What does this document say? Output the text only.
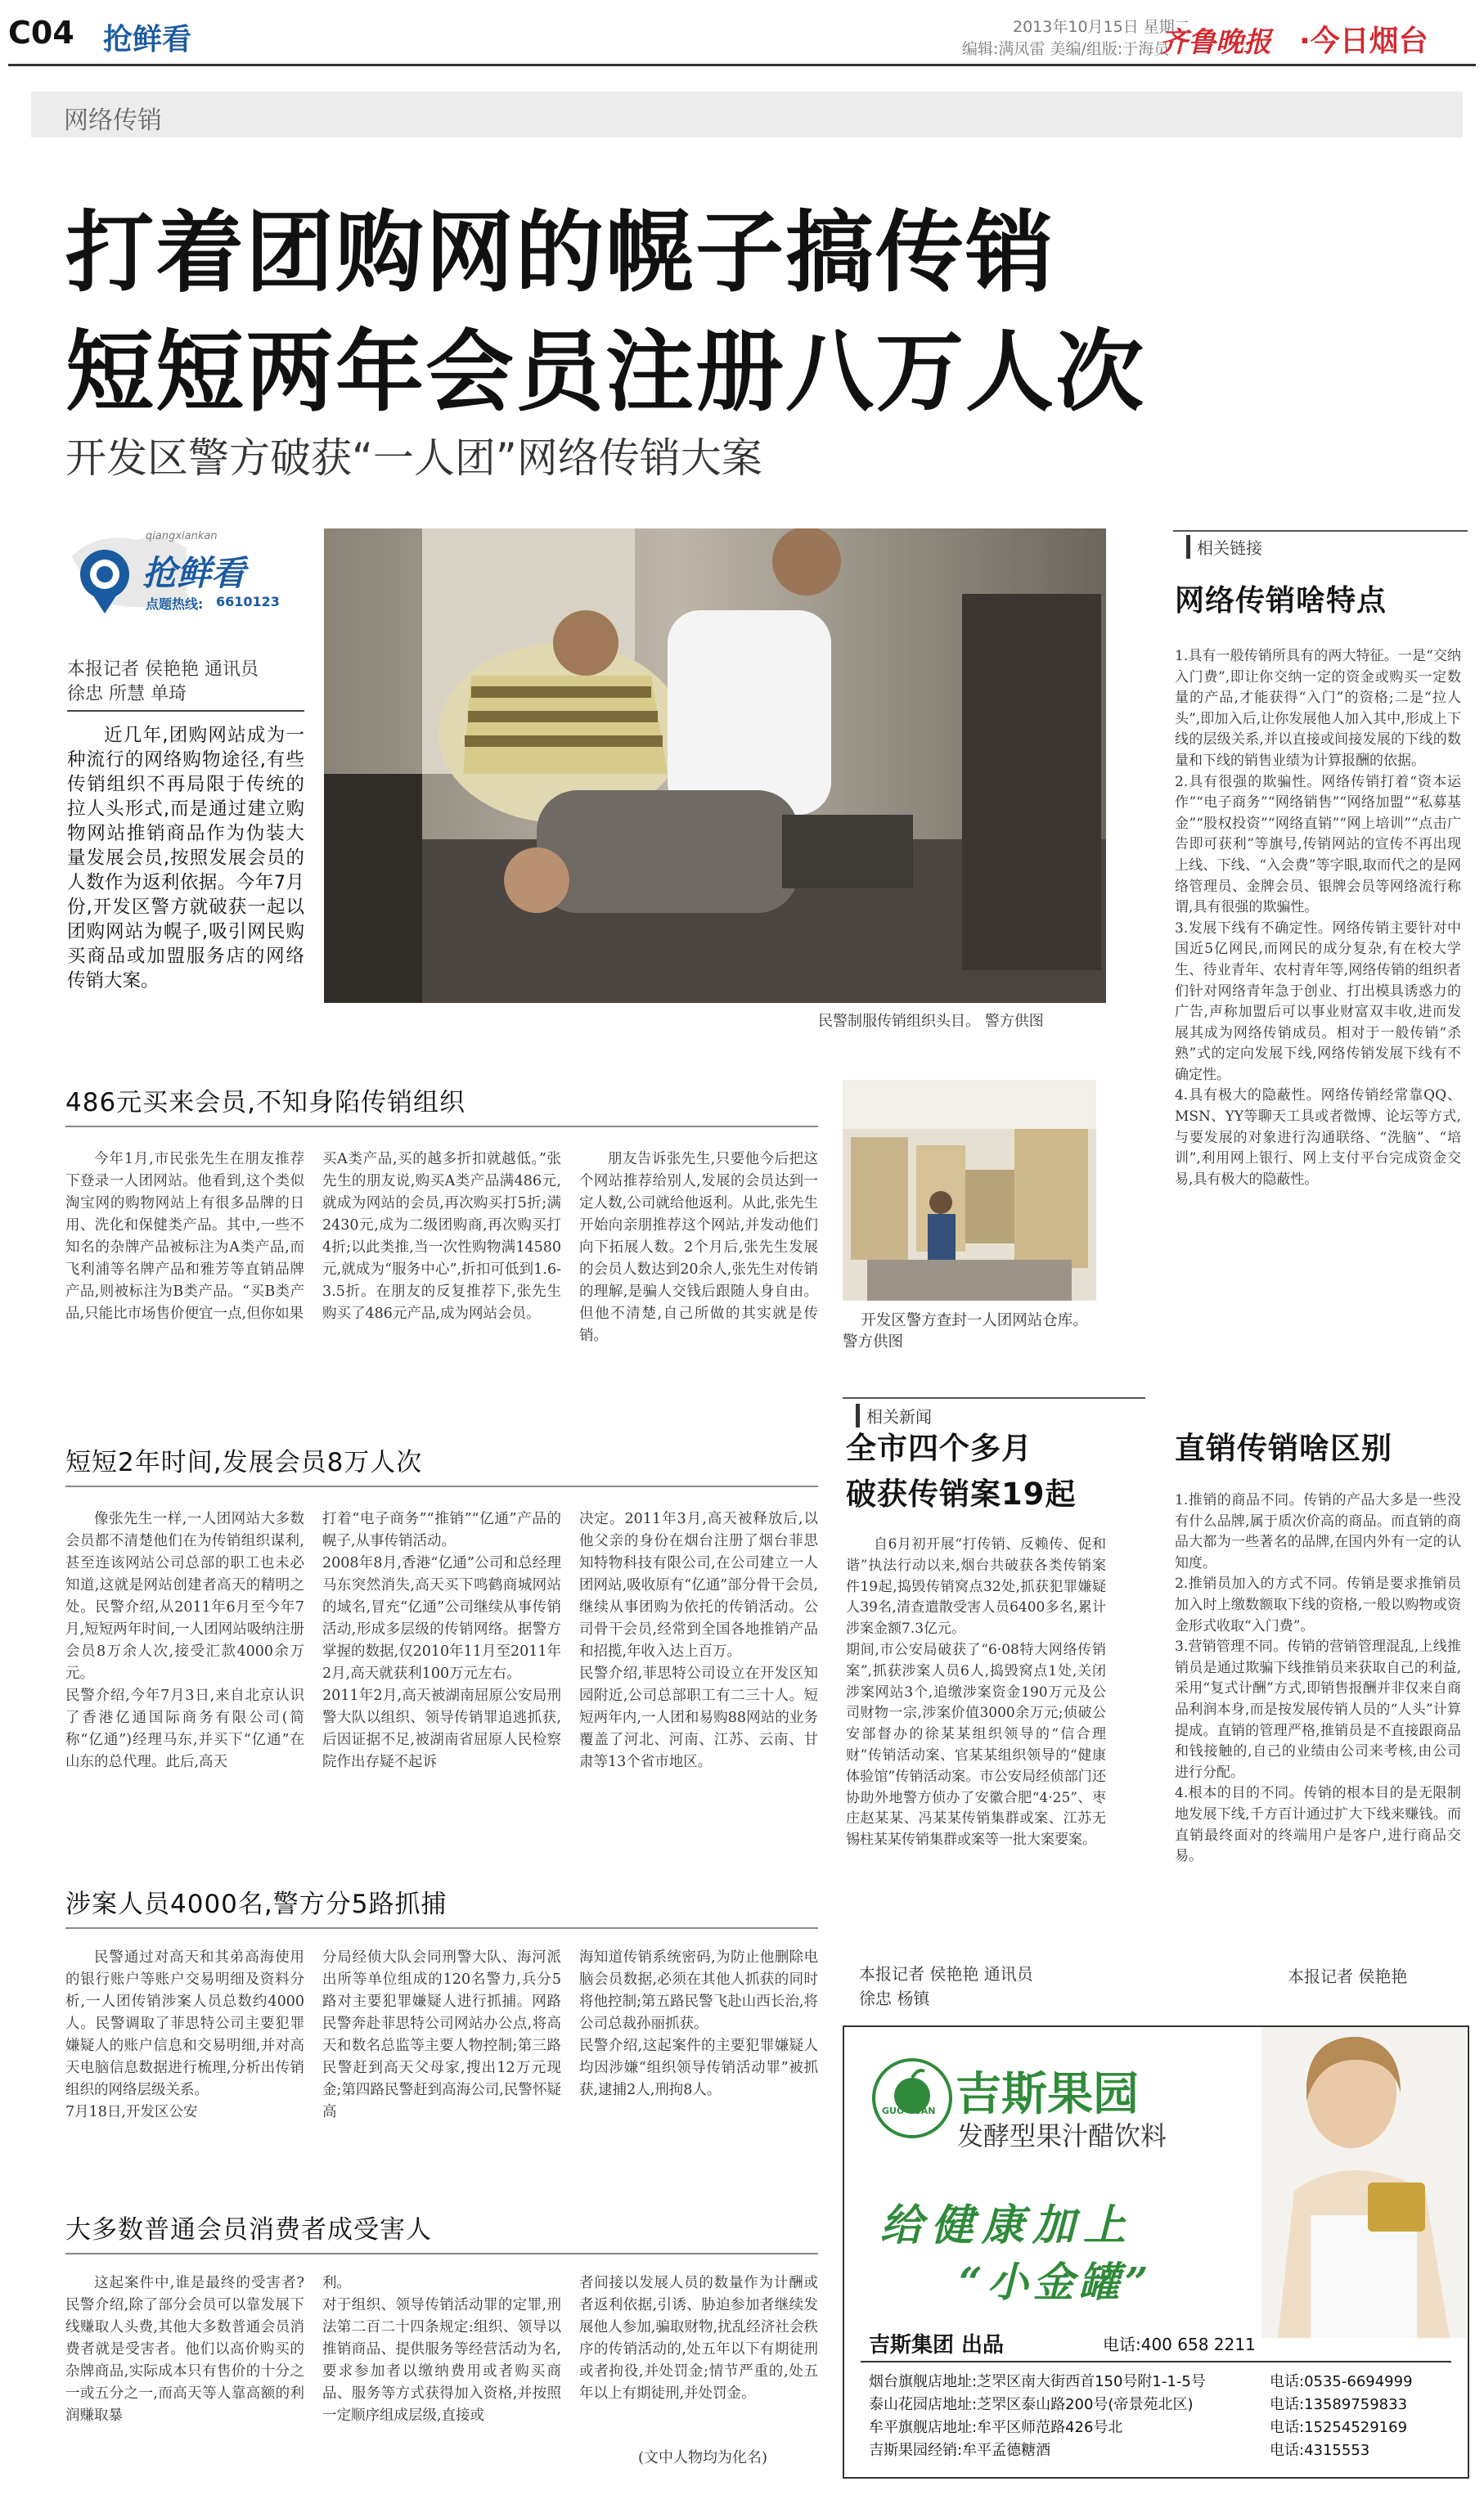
C04 抢鲜看	2013年10月15日 星期二
编辑:满凤雷 美编/组版:于海员
齐鲁晚报 ·今日烟台
网络传销
打着团购网的幌子搞传销
短短两年会员注册八万人次
开发区警方破获“一人团”网络传销大案
qiangxiankan
抢鲜看
点题热线: 6610123
本报记者 侯艳艳 通讯员
徐忠 所慧 单琦
近几年,团购网站成为一种流行的网络购物途径,有些传销组织不再局限于传统的拉人头形式,而是通过建立购物网站推销商品作为伪装大量发展会员,按照发展会员的人数作为返利依据。今年7月份,开发区警方就破获一起以团购网站为幌子,吸引网民购买商品或加盟服务店的网络传销大案。
民警制服传销组织头目。 警方供图
相关链接
网络传销啥特点
1.具有一般传销所具有的两大特征。一是“交纳入门费”,即让你交纳一定的资金或购买一定数量的产品,才能获得“入门”的资格;二是“拉人头”,即加入后,让你发展他人加入其中,形成上下线的层级关系,并以直接或间接发展的下线的数量和下线的销售业绩为计算报酬的依据。
2.具有很强的欺骗性。网络传销打着“资本运作”“电子商务”“网络销售”“网络加盟”“私募基金”“股权投资”“网络直销”“网上培训”“点击广告即可获利”等旗号,传销网站的宣传不再出现上线、下线、“入会费”等字眼,取而代之的是网络管理员、金牌会员、银牌会员等网络流行称谓,具有很强的欺骗性。
3.发展下线有不确定性。网络传销主要针对中国近5亿网民,而网民的成分复杂,有在校大学生、待业青年、农村青年等,网络传销的组织者们针对网络青年急于创业、打出模具诱惑力的广告,声称加盟后可以事业财富双丰收,进而发展其成为网络传销成员。相对于一般传销“杀熟”式的定向发展下线,网络传销发展下线有不确定性。
4.具有极大的隐蔽性。网络传销经常靠QQ、MSN、YY等聊天工具或者微博、论坛等方式,与要发展的对象进行沟通联络、“洗脑”、“培训”,利用网上银行、网上支付平台完成资金交易,具有极大的隐蔽性。
486元买来会员,不知身陷传销组织
今年1月,市民张先生在朋友推荐下登录一人团网站。他看到,这个类似淘宝网的购物网站上有很多品牌的日用、洗化和保健类产品。其中,一些不知名的杂牌产品被标注为A类产品,而飞利浦等名牌产品和雅芳等直销品牌产品,则被标注为B类产品。“买B类产品,只能比市场售价便宜一点,但你如果
买A类产品,买的越多折扣就越低。”张先生的朋友说,购买A类产品满486元,就成为网站的会员,再次购买打5折;满2430元,成为二级团购商,再次购买打4折;以此类推,当一次性购物满14580元,就成为“服务中心”,折扣可低到1.6-3.5折。在朋友的反复推荐下,张先生购买了486元产品,成为网站会员。
朋友告诉张先生,只要他今后把这个网站推荐给别人,发展的会员达到一定人数,公司就给他返利。从此,张先生开始向亲朋推荐这个网站,并发动他们向下拓展人数。2个月后,张先生发展的会员人数达到20余人,张先生对传销的理解,是骗人交钱后跟随人身自由。但他不清楚,自己所做的其实就是传销。
开发区警方查封一人团网站仓库。 警方供图
短短2年时间,发展会员8万人次
像张先生一样,一人团网站大多数会员都不清楚他们在为传销组织谋利,甚至连该网站公司总部的职工也未必知道,这就是网站创建者高天的精明之处。民警介绍,从2011年6月至今年7月,短短两年时间,一人团网站吸纳注册会员8万余人次,接受汇款4000余万元。
民警介绍,今年7月3日,来自北京认识了香港亿通国际商务有限公司(简称“亿通”)经理马东,并买下“亿通”在山东的总代理。此后,高天
打着“电子商务”“推销”“亿通”产品的幌子,从事传销活动。
2008年8月,香港“亿通”公司和总经理马东突然消失,高天买下鸣鹤商城网站的域名,冒充“亿通”公司继续从事传销活动,形成多层级的传销网络。据警方掌握的数据,仅2010年11月至2011年2月,高天就获利100万元左右。
2011年2月,高天被湖南屈原公安局刑警大队以组织、领导传销罪追逃抓获,后因证据不足,被湖南省屈原人民检察院作出存疑不起诉
决定。2011年3月,高天被释放后,以他父亲的身份在烟台注册了烟台菲思知特物科技有限公司,在公司建立一人团网站,吸收原有“亿通”部分骨干会员,继续从事团购为依托的传销活动。公司骨干会员,经常到全国各地推销产品和招揽,年收入达上百万。
民警介绍,菲思特公司设立在开发区知园附近,公司总部职工有二三十人。短短两年内,一人团和易购88网站的业务覆盖了河北、河南、江苏、云南、甘肃等13个省市地区。
相关新闻
全市四个多月
破获传销案19起
自6月初开展“打传销、反赖传、促和谐”执法行动以来,烟台共破获各类传销案件19起,捣毁传销窝点32处,抓获犯罪嫌疑人39名,清查遣散受害人员6400多名,累计涉案金额7.3亿元。
期间,市公安局破获了“6·08特大网络传销案”,抓获涉案人员6人,捣毁窝点1处,关闭涉案网站3个,追缴涉案资金190万元及公司财物一宗,涉案价值3000余万元;侦破公安部督办的徐某某组织领导的“信合理财”传销活动案、官某某组织领导的“健康体验馆”传销活动案。市公安局经侦部门还协助外地警方侦办了安徽合肥“4·25”、枣庄赵某某、冯某某传销集群或案、江苏无锡柱某某传销集群或案等一批大案要案。
本报记者 侯艳艳 通讯员
徐忠 杨镇
直销传销啥区别
1.推销的商品不同。传销的产品大多是一些没有什么品牌,属于质次价高的商品。而直销的商品大都为一些著名的品牌,在国内外有一定的认知度。
2.推销员加入的方式不同。传销是要求推销员加入时上缴数额取下线的资格,一般以购物或资金形式收取“入门费”。
3.营销管理不同。传销的营销管理混乱,上线推销员是通过欺骗下线推销员来获取自己的利益,采用“复式计酬”方式,即销售报酬并非仅来自商品利润本身,而是按发展传销人员的“人头”计算提成。直销的管理严格,推销员是不直接跟商品和钱接触的,自己的业绩由公司来考核,由公司进行分配。
4.根本的目的不同。传销的根本目的是无限制地发展下线,千方百计通过扩大下线来赚钱。而直销最终面对的终端用户是客户,进行商品交易。
本报记者 侯艳艳
涉案人员4000名,警方分5路抓捕
民警通过对高天和其弟高海使用的银行账户等账户交易明细及资料分析,一人团传销涉案人员总数约4000人。民警调取了菲思特公司主要犯罪嫌疑人的账户信息和交易明细,并对高天电脑信息数据进行梳理,分析出传销组织的网络层级关系。
7月18日,开发区公安
分局经侦大队会同刑警大队、海河派出所等单位组成的120名警力,兵分5路对主要犯罪嫌疑人进行抓捕。网路民警奔赴菲思特公司网站办公点,将高天和数名总监等主要人物控制;第三路民警赶到高天父母家,搜出12万元现金;第四路民警赶到高海公司,民警怀疑高
海知道传销系统密码,为防止他删除电脑会员数据,必须在其他人抓获的同时将他控制;第五路民警飞赴山西长治,将公司总裁孙丽抓获。
民警介绍,这起案件的主要犯罪嫌疑人均因涉嫌“组织领导传销活动罪”被抓获,逮捕2人,刑拘8人。
大多数普通会员消费者成受害人
这起案件中,谁是最终的受害者?民警介绍,除了部分会员可以靠发展下线赚取人头费,其他大多数普通会员消费者就是受害者。他们以高价购买的杂牌商品,实际成本只有售价的十分之一或五分之一,而高天等人靠高额的利润赚取暴
利。
对于组织、领导传销活动罪的定罪,刑法第二百二十四条规定:组织、领导以推销商品、提供服务等经营活动为名,要求参加者以缴纳费用或者购买商品、服务等方式获得加入资格,并按照一定顺序组成层级,直接或
者间接以发展人员的数量作为计酬或者返利依据,引诱、胁迫参加者继续发展他人参加,骗取财物,扰乱经济社会秩序的传销活动的,处五年以下有期徒刑或者拘役,并处罚金;情节严重的,处五年以上有期徒刑,并处罚金。
(文中人物均为化名)
GUO YUAN 吉斯果园
发酵型果汁醋饮料
给健康加上
“小金罐”
吉斯集团 出品	电话:400 658 2211
烟台旗舰店地址:芝罘区南大街西首150号附1-1-5号
泰山花园店地址:芝罘区泰山路200号(帝景苑北区)
牟平旗舰店地址:牟平区师范路426号北
吉斯果园经销:牟平孟德糖酒
电话:0535-6694999
电话:13589759833
电话:15254529169
电话:4315553
